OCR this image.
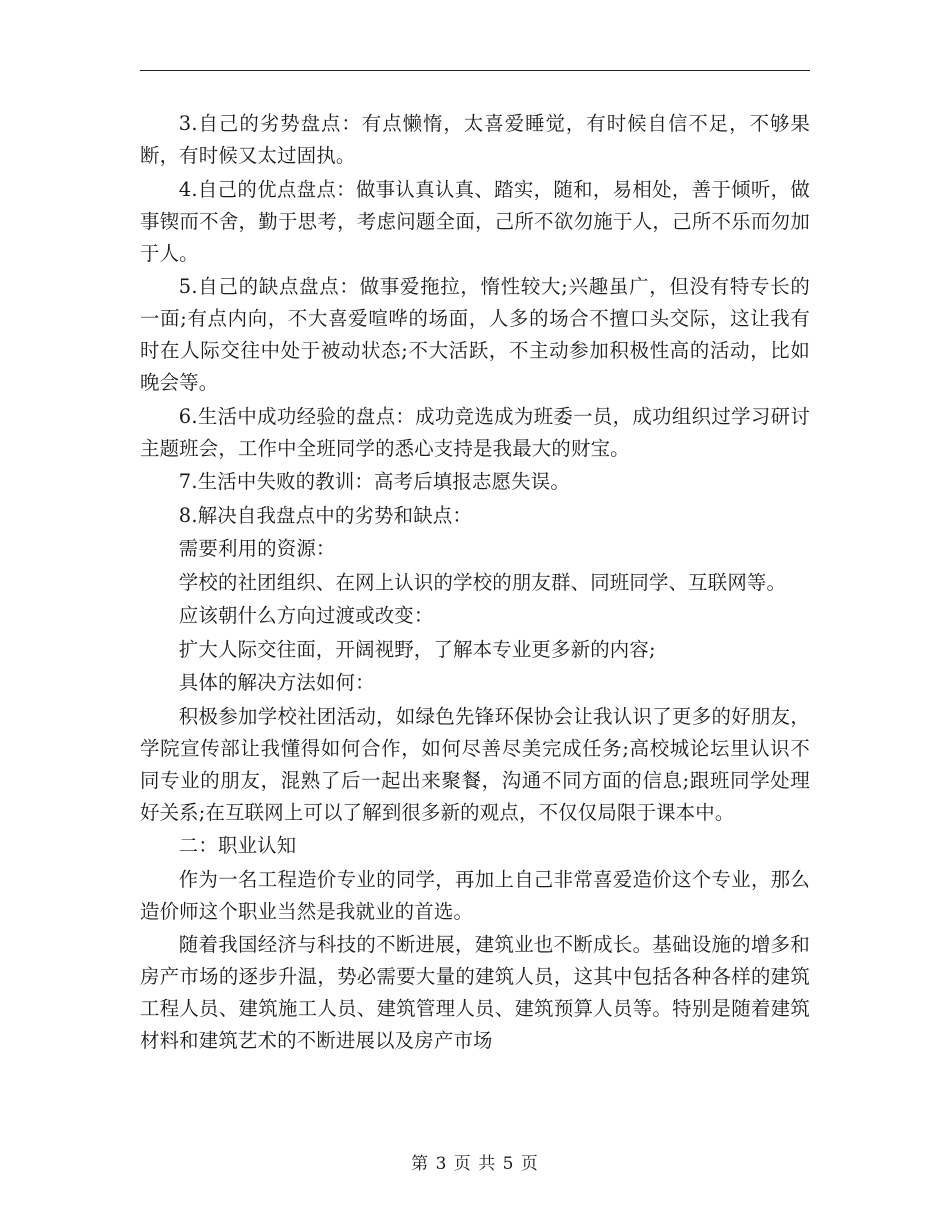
3.自己的劣势盘点：有点懒惰，太喜爱睡觉，有时候自信不足，不够果断，有时候又太过固执。

4.自己的优点盘点：做事认真认真、踏实，随和，易相处，善于倾听，做事锲而不舍，勤于思考，考虑问题全面，己所不欲勿施于人，己所不乐而勿加于人。

5.自己的缺点盘点：做事爱拖拉，惰性较大;兴趣虽广，但没有特专长的一面;有点内向，不大喜爱喧哗的场面，人多的场合不擅口头交际，这让我有时在人际交往中处于被动状态;不大活跃，不主动参加积极性高的活动，比如晚会等。

6.生活中成功经验的盘点：成功竞选成为班委一员，成功组织过学习研讨主题班会，工作中全班同学的悉心支持是我最大的财宝。

7.生活中失败的教训：高考后填报志愿失误。

8.解决自我盘点中的劣势和缺点：

需要利用的资源：

学校的社团组织、在网上认识的学校的朋友群、同班同学、互联网等。

应该朝什么方向过渡或改变：

扩大人际交往面，开阔视野，了解本专业更多新的内容;

具体的解决方法如何：

积极参加学校社团活动，如绿色先锋环保协会让我认识了更多的好朋友，学院宣传部让我懂得如何合作，如何尽善尽美完成任务;高校城论坛里认识不同专业的朋友，混熟了后一起出来聚餐，沟通不同方面的信息;跟班同学处理好关系;在互联网上可以了解到很多新的观点，不仅仅局限于课本中。

二：职业认知

作为一名工程造价专业的同学，再加上自己非常喜爱造价这个专业，那么造价师这个职业当然是我就业的首选。

随着我国经济与科技的不断进展，建筑业也不断成长。基础设施的增多和房产市场的逐步升温，势必需要大量的建筑人员，这其中包括各种各样的建筑工程人员、建筑施工人员、建筑管理人员、建筑预算人员等。特别是随着建筑材料和建筑艺术的不断进展以及房产市场

第 3 页 共 5 页
